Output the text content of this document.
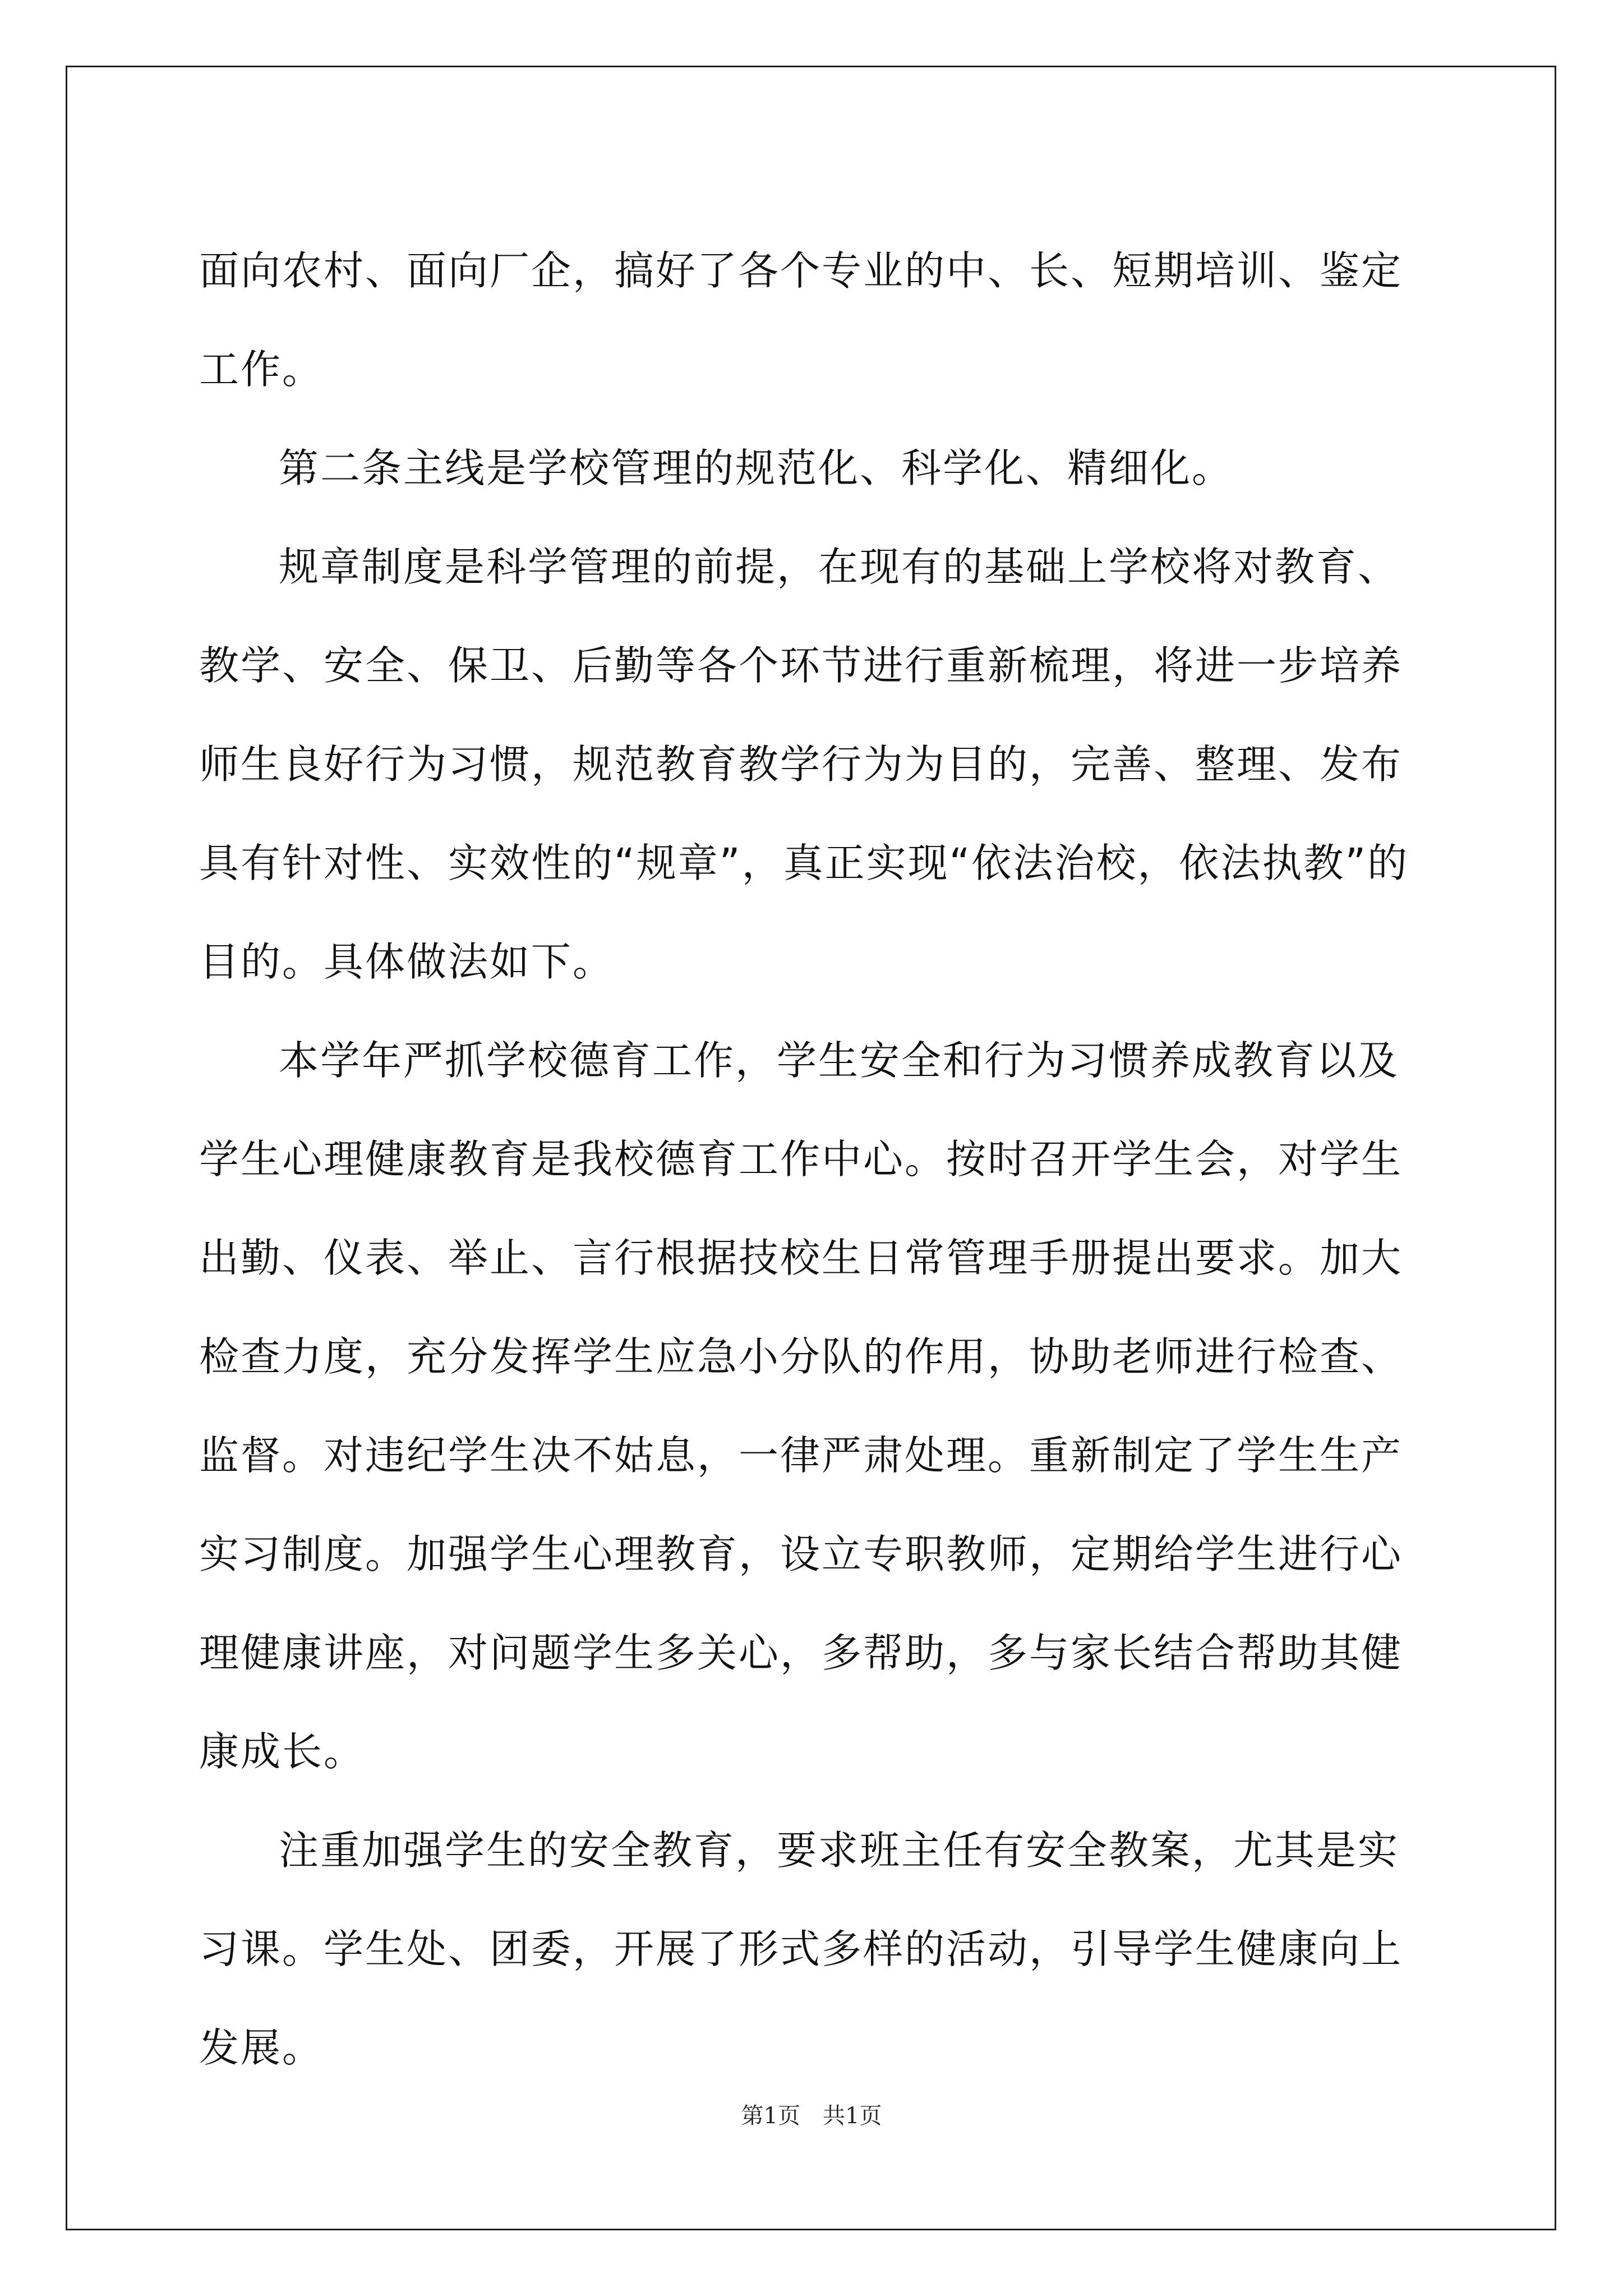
面向农村、面向厂企，搞好了各个专业的中、长、短期培训、鉴定工作。

第二条主线是学校管理的规范化、科学化、精细化。

规章制度是科学管理的前提，在现有的基础上学校将对教育、教学、安全、保卫、后勤等各个环节进行重新梳理，将进一步培养师生良好行为习惯，规范教育教学行为为目的，完善、整理、发布具有针对性、实效性的“规章”，真正实现“依法治校，依法执教”的目的。具体做法如下。

本学年严抓学校德育工作，学生安全和行为习惯养成教育以及学生心理健康教育是我校德育工作中心。按时召开学生会，对学生出勤、仪表、举止、言行根据技校生日常管理手册提出要求。加大检查力度，充分发挥学生应急小分队的作用，协助老师进行检查、监督。对违纪学生决不姑息，一律严肃处理。重新制定了学生生产实习制度。加强学生心理教育，设立专职教师，定期给学生进行心理健康讲座，对问题学生多关心，多帮助，多与家长结合帮助其健康成长。

注重加强学生的安全教育，要求班主任有安全教案，尤其是实习课。学生处、团委，开展了形式多样的活动，引导学生健康向上发展。

第1页　共1页
